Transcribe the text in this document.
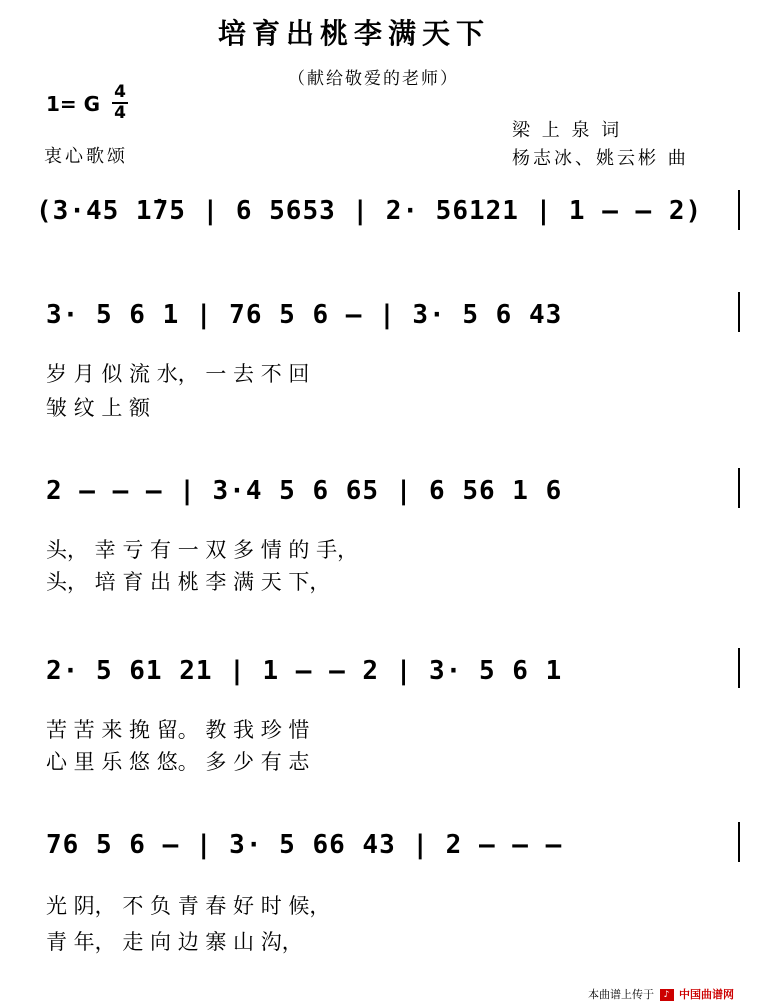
培育出桃李满天下
（献给敬爱的老师）
1= G 4
4
衷心歌颂
梁 上 泉 词
杨志冰、姚云彬 曲
(3·45 1̇75 | 6 5653 | 2· 56121 | 1 — — 2)
3· 5 6 1 | 76 5 6 — | 3· 5 6 43
岁 月 似 流 水， 一 去 不 回
皱 纹 上 额
2 — — — | 3·4 5 6 65 | 6 56 1 6
头， 幸 亏 有 一 双 多 情 的 手，
头， 培 育 出 桃 李 满 天 下，
2· 5 61 21 | 1 — — 2 | 3· 5 6 1
苦 苦 来 挽 留。 教 我 珍 惜
心 里 乐 悠 悠。 多 少 有 志
76 5 6 — | 3· 5 66 43 | 2 — — —
光 阴， 不 负 青 春 好 时 候，
青 年， 走 向 边 寨 山 沟，
本曲谱上传于 ♪ 中国曲谱网
